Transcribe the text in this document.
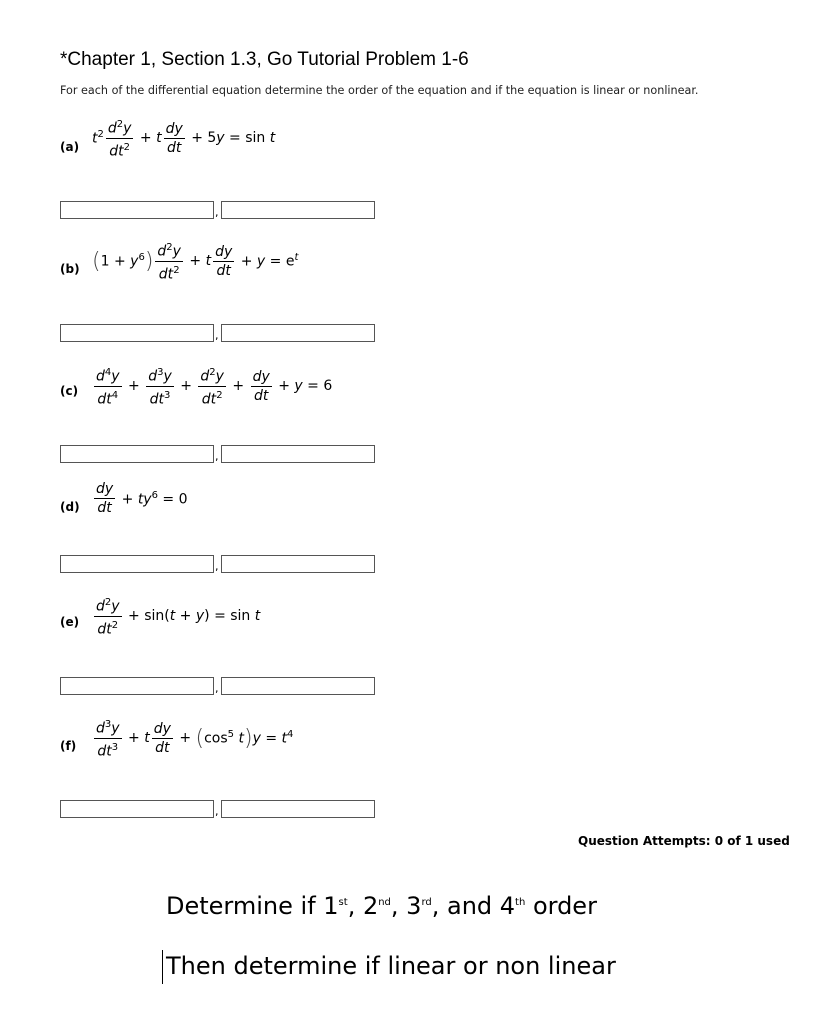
*Chapter 1, Section 1.3, Go Tutorial Problem 1-6
For each of the differential equation determine the order of the equation and if the equation is linear or nonlinear.
(a)
$t^2 \frac{d^2y}{dt^2} + t \frac{dy}{dt} + 5y = \sin t$
,
(b) ( $1 + y^6$ ) $\frac{d^2y}{dt^2} + t \frac{dy}{dt} + y = e^t$
,
$(c) \frac{d^4y}{dt^4} + \frac{d^3y}{dt^3} + \frac{d^2y}{dt^2} + \frac{dy}{dt} + y = 6$
,
$(d) \frac{dy}{dt} + ty^6 = 0$
,
$(e) \frac{d^2y}{dt^2} + \sin(t + y) = \sin t$
,
$(f) \frac{d^3y}{dt^3} + t \frac{dy}{dt}$ + ( $\cos^5 t$ ) $y = t^4$
,
Question Attempts: 0 of 1 used
Determine if 1st, 2nd, 3rd, and 4th order
Then determine if linear or non linear
